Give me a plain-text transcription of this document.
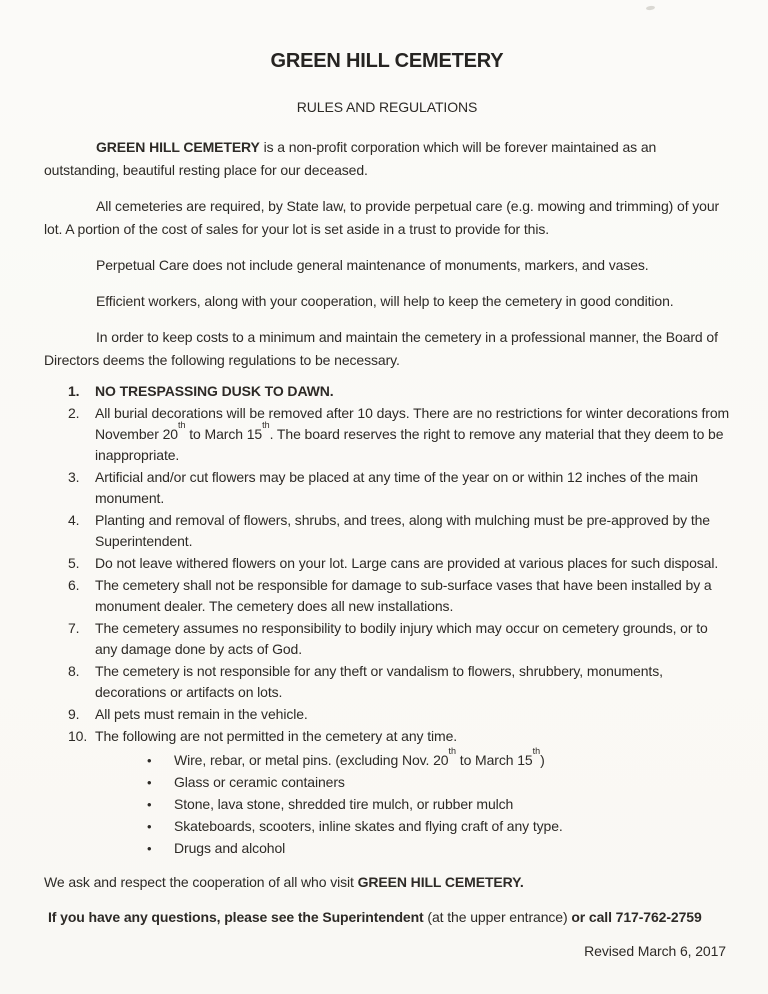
GREEN HILL CEMETERY
RULES AND REGULATIONS

GREEN HILL CEMETERY is a non-profit corporation which will be forever maintained as an outstanding, beautiful resting place for our deceased.

All cemeteries are required, by State law, to provide perpetual care (e.g. mowing and trimming) of your lot. A portion of the cost of sales for your lot is set aside in a trust to provide for this.

Perpetual Care does not include general maintenance of monuments, markers, and vases.

Efficient workers, along with your cooperation, will help to keep the cemetery in good condition.

In order to keep costs to a minimum and maintain the cemetery in a professional manner, the Board of Directors deems the following regulations to be necessary.

1.	NO TRESPASSING DUSK TO DAWN.
2.	All burial decorations will be removed after 10 days. There are no restrictions for winter decorations from November 20th to March 15th. The board reserves the right to remove any material that they deem to be inappropriate.
3.	Artificial and/or cut flowers may be placed at any time of the year on or within 12 inches of the main monument.
4.	Planting and removal of flowers, shrubs, and trees, along with mulching must be pre-approved by the Superintendent.
5.	Do not leave withered flowers on your lot. Large cans are provided at various places for such disposal.
6.	The cemetery shall not be responsible for damage to sub-surface vases that have been installed by a monument dealer. The cemetery does all new installations.
7.	The cemetery assumes no responsibility to bodily injury which may occur on cemetery grounds, or to any damage done by acts of God.
8.	The cemetery is not responsible for any theft or vandalism to flowers, shrubbery, monuments, decorations or artifacts on lots.
9.	All pets must remain in the vehicle.
10. The following are not permitted in the cemetery at any time.
•
Wire, rebar, or metal pins. (excluding Nov. 20th to March 15th)
•
Glass or ceramic containers
•
Stone, lava stone, shredded tire mulch, or rubber mulch
•
Skateboards, scooters, inline skates and flying craft of any type.
•
Drugs and alcohol

We ask and respect the cooperation of all who visit GREEN HILL CEMETERY.

If you have any questions, please see the Superintendent (at the upper entrance) or call 717-762-2759

Revised March 6, 2017
